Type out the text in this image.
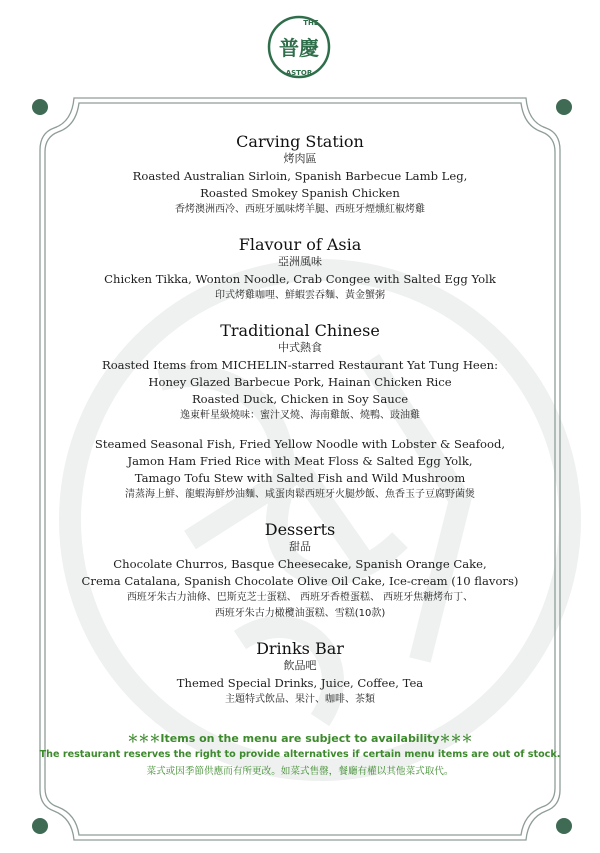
普慶
THE
ASTOR
Carving Station

烤肉區

Roasted Australian Sirloin, Spanish Barbecue Lamb Leg,

Roasted Smokey Spanish Chicken

香烤澳洲西冷、西班牙風味烤羊腿、西班牙煙燻紅椒烤雞

Flavour of Asia

亞洲風味

Chicken Tikka, Wonton Noodle, Crab Congee with Salted Egg Yolk

印式烤雞咖哩、鮮蝦雲吞麵、黃金蟹粥

Traditional Chinese

中式熱食

Roasted Items from MICHELIN-starred Restaurant Yat Tung Heen:

Honey Glazed Barbecue Pork, Hainan Chicken Rice

Roasted Duck, Chicken in Soy Sauce

逸東軒星級燒味：蜜汁叉燒、海南雞飯、燒鴨、豉油雞

Steamed Seasonal Fish, Fried Yellow Noodle with Lobster & Seafood,

Jamon Ham Fried Rice with Meat Floss & Salted Egg Yolk,

Tamago Tofu Stew with Salted Fish and Wild Mushroom

清蒸海上鮮、龍蝦海鮮炒油麵、咸蛋肉鬆西班牙火腿炒飯、魚香玉子豆腐野菌煲

Desserts

甜品

Chocolate Churros, Basque Cheesecake, Spanish Orange Cake,

Crema Catalana, Spanish Chocolate Olive Oil Cake, Ice-cream (10 flavors)

西班牙朱古力油條、巴斯克芝士蛋糕、 西班牙香橙蛋糕、 西班牙焦糖烤布丁、

西班牙朱古力橄欖油蛋糕、雪糕(10款)

Drinks Bar

飲品吧

Themed Special Drinks, Juice, Coffee, Tea

主題特式飲品、果汁、咖啡、茶類

＊＊＊Items on the menu are subject to availability＊＊＊

The restaurant reserves the right to provide alternatives if certain menu items are out of stock.

菜式或因季節供應而有所更改。如菜式售罄，餐廳有權以其他菜式取代。
